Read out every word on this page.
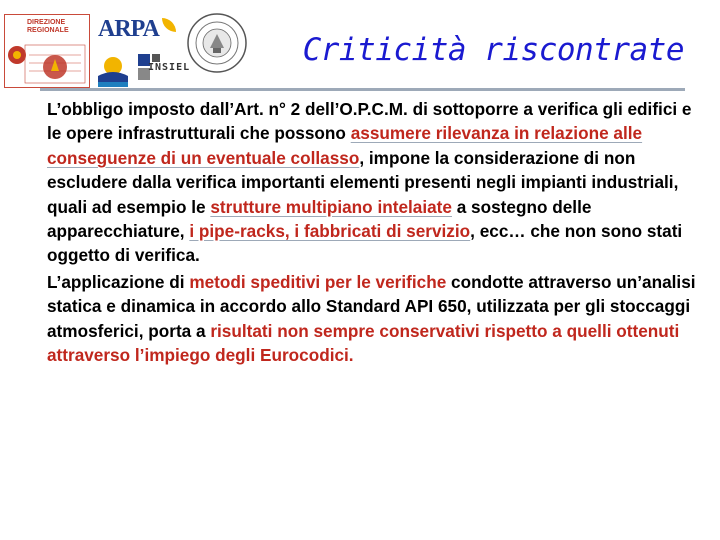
DIREZIONE REGIONALE	ARPA
INSIEL	Criticità riscontrate

L’obbligo imposto dall’Art. n° 2 dell’O.P.C.M. di sottoporre a verifica gli edifici e le opere infrastrutturali che possono assumere rilevanza in relazione alle conseguenze di un eventuale collasso, impone la considerazione di non escludere dalla verifica importanti elementi presenti negli impianti industriali, quali ad esempio le strutture multipiano intelaiate a sostegno delle apparecchiature, i pipe-racks, i fabbricati di servizio, ecc… che non sono stati oggetto di verifica.

L’applicazione di metodi speditivi per le verifiche condotte attraverso un’analisi statica e dinamica in accordo allo Standard API 650, utilizzata per gli stoccaggi atmosferici, porta a risultati non sempre conservativi rispetto a quelli ottenuti attraverso l’impiego degli Eurocodici.
